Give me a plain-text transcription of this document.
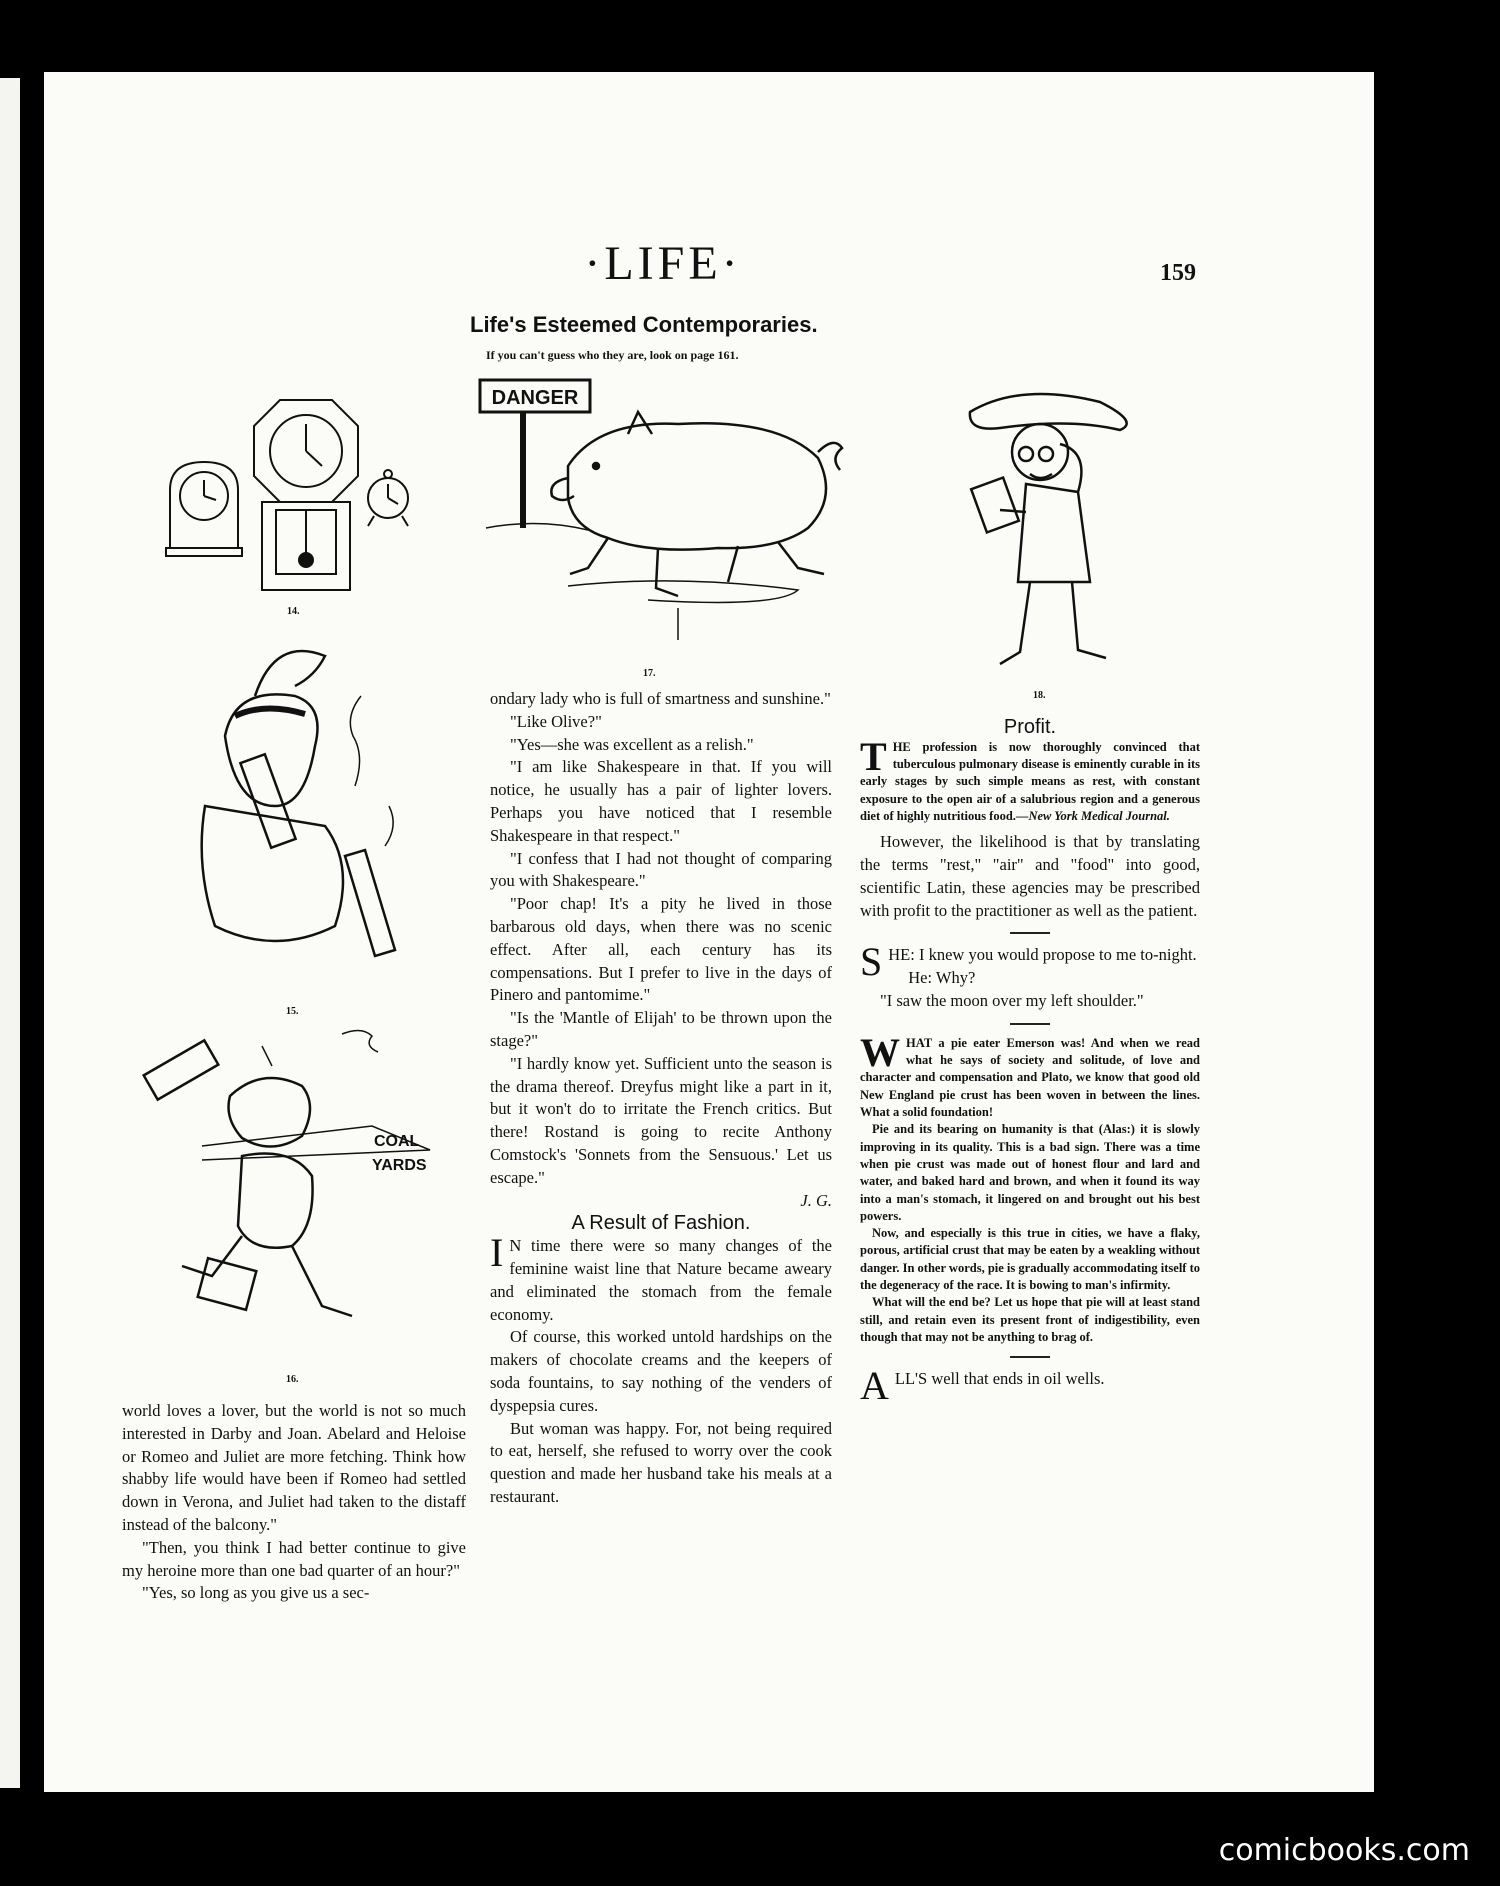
·LIFE·	159
Life's Esteemed Contemporaries.
If you can't guess who they are, look on page 161.
14.
DANGER
17.
18.
15.
COAL
YARDS
16.

world loves a lover, but the world is not so much interested in Darby and Joan. Abelard and Heloise or Romeo and Juliet are more fetching. Think how shabby life would have been if Romeo had settled down in Verona, and Juliet had taken to the distaff instead of the balcony."

"Then, you think I had better continue to give my heroine more than one bad quarter of an hour?"

"Yes, so long as you give us a sec-

ondary lady who is full of smartness and sunshine."

"Like Olive?"

"Yes—she was excellent as a relish."

"I am like Shakespeare in that. If you will notice, he usually has a pair of lighter lovers. Perhaps you have noticed that I resemble Shakespeare in that respect."

"I confess that I had not thought of comparing you with Shakespeare."

"Poor chap! It's a pity he lived in those barbarous old days, when there was no scenic effect. After all, each century has its compensations. But I prefer to live in the days of Pinero and pantomime."

"Is the 'Mantle of Elijah' to be thrown upon the stage?"

"I hardly know yet. Sufficient unto the season is the drama thereof. Dreyfus might like a part in it, but it won't do to irritate the French critics. But there! Rostand is going to recite Anthony Comstock's 'Sonnets from the Sensuous.' Let us escape."

J. G.

A Result of Fashion.

I N time there were so many changes of the feminine waist line that Nature became aweary and eliminated the stomach from the female economy.

Of course, this worked untold hardships on the makers of chocolate creams and the keepers of soda fountains, to say nothing of the venders of dyspepsia cures.

But woman was happy. For, not being required to eat, herself, she refused to worry over the cook question and made her husband take his meals at a restaurant.

Profit.

THE profession is now thoroughly convinced that tuberculous pulmonary disease is eminently curable in its early stages by such simple means as rest, with constant exposure to the open air of a salubrious region and a generous diet of highly nutritious food.—New York Medical Journal.

However, the likelihood is that by translating the terms "rest," "air" and "food" into good, scientific Latin, these agencies may be prescribed with profit to the practitioner as well as the patient.

SHE: I knew you would propose to me to-night.

He: Why?

"I saw the moon over my left shoulder."

WHAT a pie eater Emerson was! And when we read what he says of society and solitude, of love and character and compensation and Plato, we know that good old New England pie crust has been woven in between the lines. What a solid foundation!

Pie and its bearing on humanity is that (Alas:) it is slowly improving in its quality. This is a bad sign. There was a time when pie crust was made out of honest flour and lard and water, and baked hard and brown, and when it found its way into a man's stomach, it lingered on and brought out his best powers.

Now, and especially is this true in cities, we have a flaky, porous, artificial crust that may be eaten by a weakling without danger. In other words, pie is gradually accommodating itself to the degeneracy of the race. It is bowing to man's infirmity.

What will the end be? Let us hope that pie will at least stand still, and retain even its present front of indigestibility, even though that may not be anything to brag of.

ALL'S well that ends in oil wells.

comicbooks.com
